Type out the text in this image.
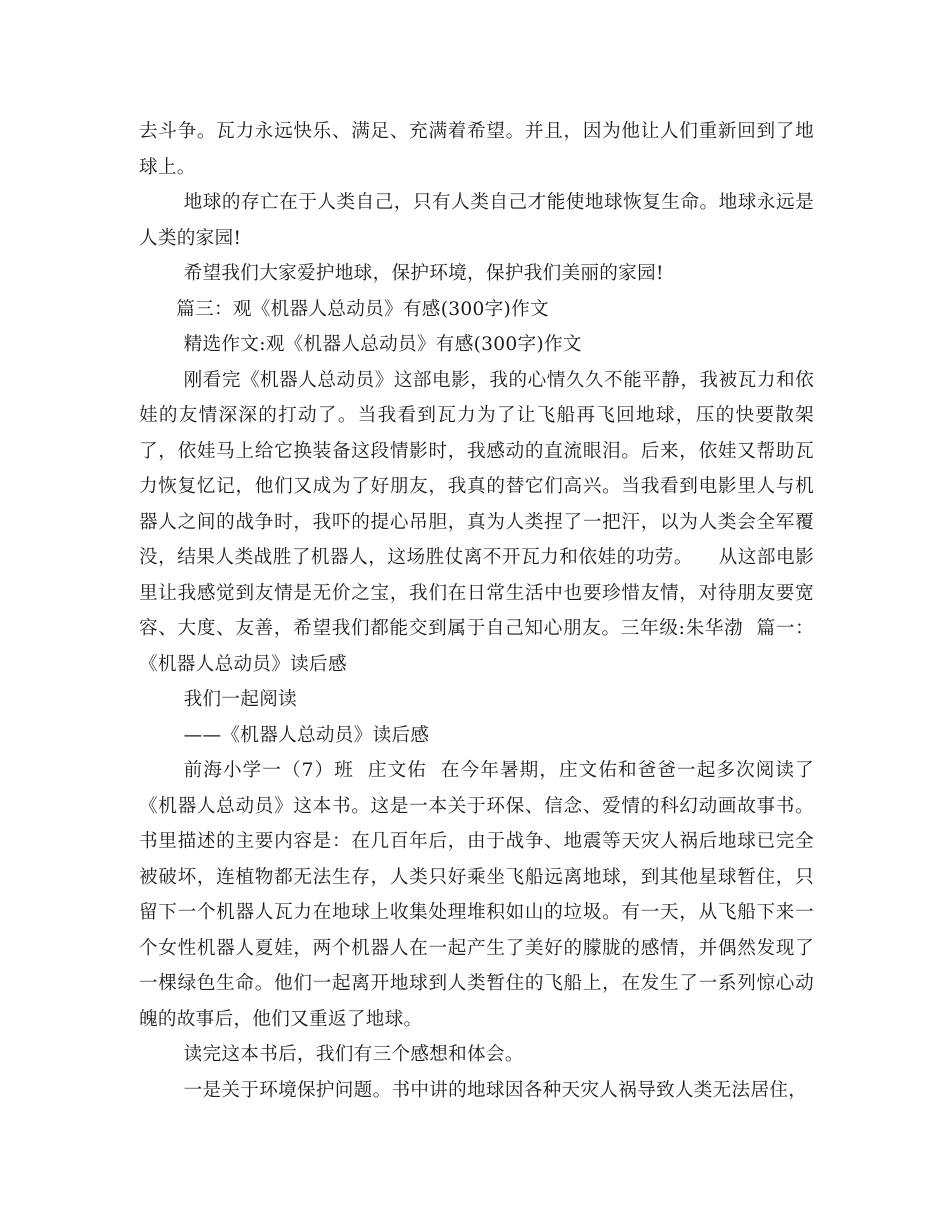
去斗争。瓦力永远快乐、满足、充满着希望。并且，因为他让人们重新回到了地球上。

地球的存亡在于人类自己，只有人类自己才能使地球恢复生命。地球永远是人类的家园!

希望我们大家爱护地球，保护环境，保护我们美丽的家园!

篇三：观《机器人总动员》有感(300字)作文

精选作文:观《机器人总动员》有感(300字)作文

刚看完《机器人总动员》这部电影，我的心情久久不能平静，我被瓦力和依娃的友情深深的打动了。当我看到瓦力为了让飞船再飞回地球，压的快要散架了，依娃马上给它换装备这段情影时，我感动的直流眼泪。后来，依娃又帮助瓦力恢复忆记，他们又成为了好朋友，我真的替它们高兴。当我看到电影里人与机器人之间的战争时，我吓的提心吊胆，真为人类捏了一把汗，以为人类会全军覆没，结果人类战胜了机器人，这场胜仗离不开瓦力和依娃的功劳。    从这部电影里让我感觉到友情是无价之宝，我们在日常生活中也要珍惜友情，对待朋友要宽容、大度、友善，希望我们都能交到属于自己知心朋友。三年级:朱华渤  篇一：《机器人总动员》读后感

我们一起阅读

——《机器人总动员》读后感

前海小学一（7）班  庄文佑  在今年暑期，庄文佑和爸爸一起多次阅读了《机器人总动员》这本书。这是一本关于环保、信念、爱情的科幻动画故事书。书里描述的主要内容是：在几百年后，由于战争、地震等天灾人祸后地球已完全被破坏，连植物都无法生存，人类只好乘坐飞船远离地球，到其他星球暂住，只留下一个机器人瓦力在地球上收集处理堆积如山的垃圾。有一天，从飞船下来一个女性机器人夏娃，两个机器人在一起产生了美好的朦胧的感情，并偶然发现了一棵绿色生命。他们一起离开地球到人类暂住的飞船上，在发生了一系列惊心动魄的故事后，他们又重返了地球。

读完这本书后，我们有三个感想和体会。

一是关于环境保护问题。书中讲的地球因各种天灾人祸导致人类无法居住，
